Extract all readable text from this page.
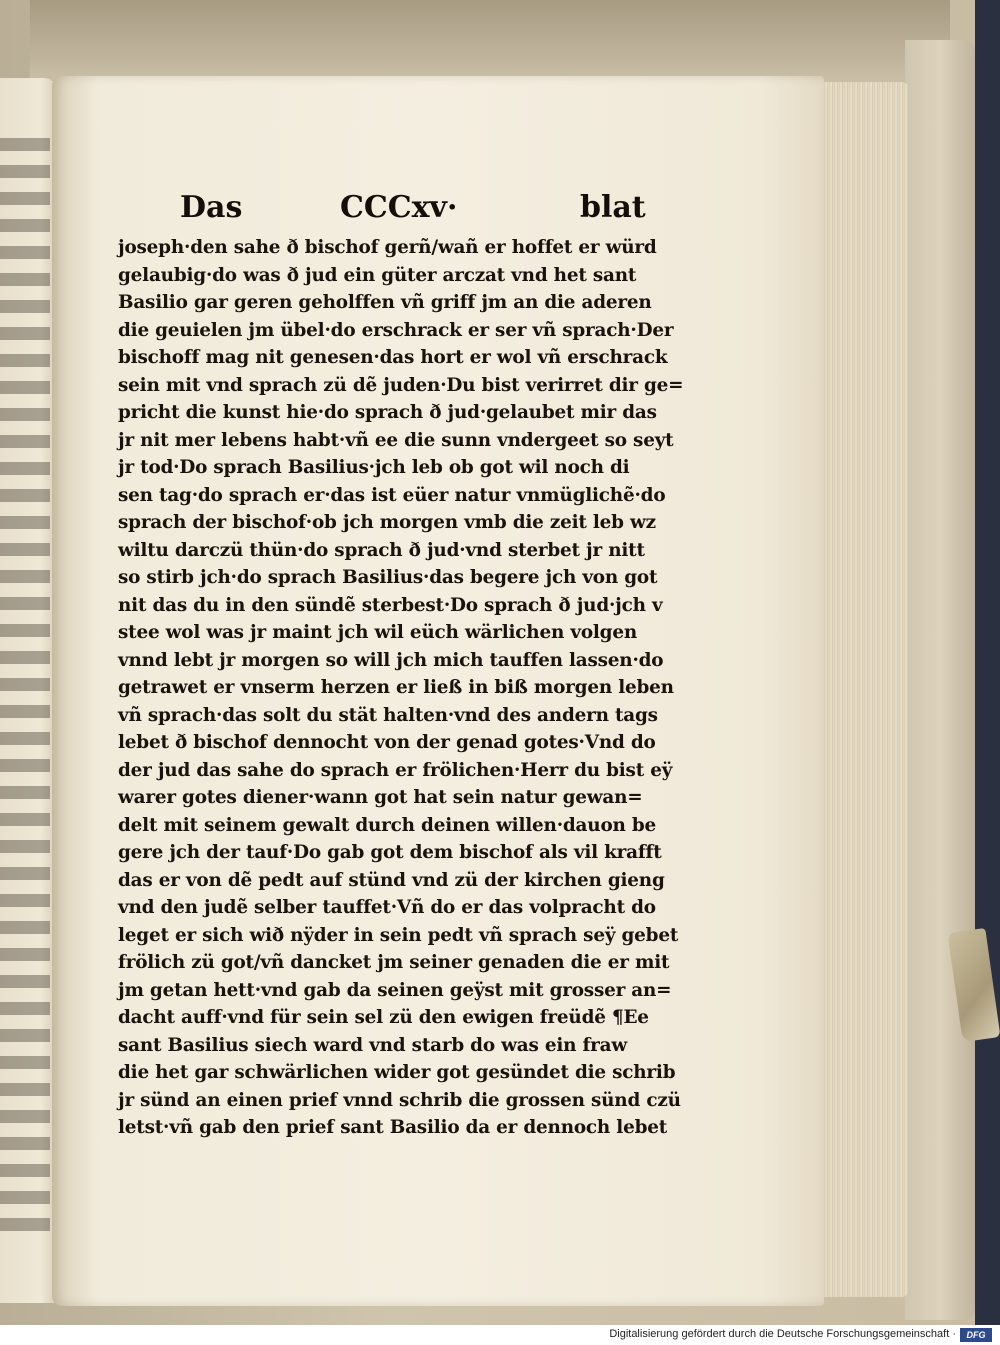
Das	CCCxv·	blat
joseph·den sahe ð bischof gerñ/wañ er hoffet er würd
gelaubig·do was ð jud ein güter arczat vnd het sant
Basilio gar geren geholffen vñ griff jm an die aderen
die geuielen jm übel·do erschrack er ser vñ sprach·Der
bischoff mag nit genesen·das hort er wol vñ erschrack
sein mit vnd sprach zü dẽ juden·Du bist verirret dir ge=
pricht die kunst hie·do sprach ð jud·gelaubet mir das
jr nit mer lebens habt·vñ ee die sunn vndergeet so seyt
jr tod·Do sprach Basilius·jch leb ob got wil noch di
sen tag·do sprach er·das ist eüer natur vnmüglichẽ·do
sprach der bischof·ob jch morgen vmb die zeit leb wz
wiltu darczü thün·do sprach ð jud·vnd sterbet jr nitt
so stirb jch·do sprach Basilius·das begere jch von got
nit das du in den sündẽ sterbest·Do sprach ð jud·jch v
stee wol was jr maint jch wil eüch wärlichen volgen
vnnd lebt jr morgen so will jch mich tauffen lassen·do
getrawet er vnserm herzen er ließ in biß morgen leben
vñ sprach·das solt du stät halten·vnd des andern tags
lebet ð bischof dennocht von der genad gotes·Vnd do
der jud das sahe do sprach er frölichen·Herr du bist eÿ
warer gotes diener·wann got hat sein natur gewan=
delt mit seinem gewalt durch deinen willen·dauon be
gere jch der tauf·Do gab got dem bischof als vil krafft
das er von dẽ pedt auf stünd vnd zü der kirchen gieng
vnd den judẽ selber tauffet·Vñ do er das volpracht do
leget er sich wið nÿder in sein pedt vñ sprach seÿ gebet
frölich zü got/vñ dancket jm seiner genaden die er mit
jm getan hett·vnd gab da seinen geÿst mit grosser an=
dacht auff·vnd für sein sel zü den ewigen freüdẽ ¶Ee
sant Basilius siech ward vnd starb do was ein fraw
die het gar schwärlichen wider got gesündet die schrib
jr sünd an einen prief vnnd schrib die grossen sünd czü
letst·vñ gab den prief sant Basilio da er dennoch lebet
Digitalisierung gefördert durch die Deutsche Forschungsgemeinschaft ·	DFG
